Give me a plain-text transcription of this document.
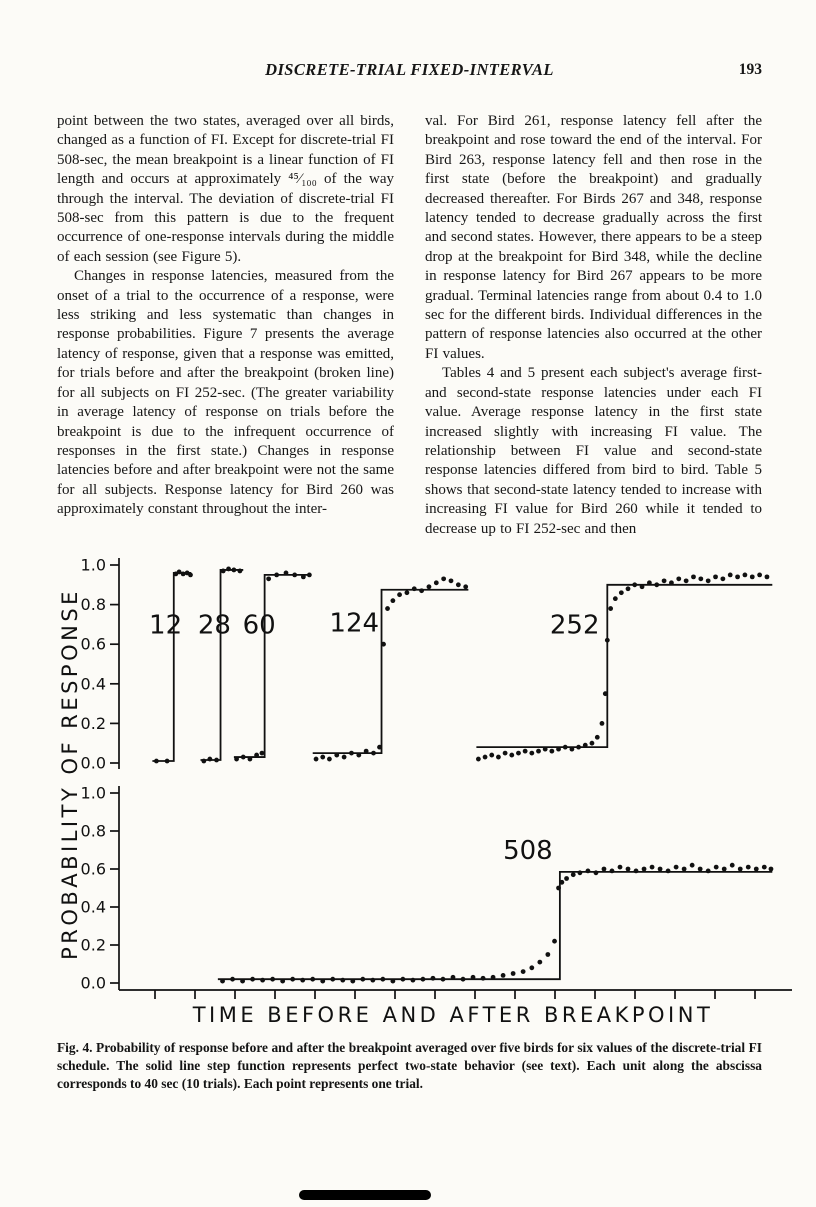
DISCRETE-TRIAL FIXED-INTERVAL	193

point between the two states, averaged over all birds, changed as a function of FI. Except for discrete-trial FI 508-sec, the mean breakpoint is a linear function of FI length and occurs at approximately ⁴⁵⁄₁₀₀ of the way through the interval. The deviation of discrete-trial FI 508-sec from this pattern is due to the frequent occurrence of one-response intervals during the middle of each session (see Figure 5).

Changes in response latencies, measured from the onset of a trial to the occurrence of a response, were less striking and less systematic than changes in response probabilities. Figure 7 presents the average latency of response, given that a response was emitted, for trials before and after the breakpoint (broken line) for all subjects on FI 252-sec. (The greater variability in average latency of response on trials before the breakpoint is due to the infrequent occurrence of responses in the first state.) Changes in response latencies before and after breakpoint were not the same for all subjects. Response latency for Bird 260 was approximately constant throughout the inter-

val. For Bird 261, response latency fell after the breakpoint and rose toward the end of the interval. For Bird 263, response latency fell and then rose in the first state (before the breakpoint) and gradually decreased thereafter. For Birds 267 and 348, response latency tended to decrease gradually across the first and second states. However, there appears to be a steep drop at the breakpoint for Bird 348, while the decline in response latency for Bird 267 appears to be more gradual. Terminal latencies range from about 0.4 to 1.0 sec for the different birds. Individual differences in the pattern of response latencies also occurred at the other FI values.

Tables 4 and 5 present each subject's average first- and second-state response latencies under each FI value. Average response latency in the first state increased slightly with increasing FI value. The relationship between FI value and second-state response latencies differed from bird to bird. Table 5 shows that second-state latency tended to increase with increasing FI value for Bird 260 while it tended to decrease up to FI 252-sec and then

1.0
0.8
0.6
0.4
0.2
0.0
12 28 60 124	252
1.0
0.8
0.6
0.4
0.2
0.0
508
TIME BEFORE AND AFTER BREAKPOINT
PROBABILITY OF RESPONSE
Fig. 4. Probability of response before and after the breakpoint averaged over five birds for six values of the discrete-trial FI schedule. The solid line step function represents perfect two-state behavior (see text). Each unit along the abscissa corresponds to 40 sec (10 trials). Each point represents one trial.
